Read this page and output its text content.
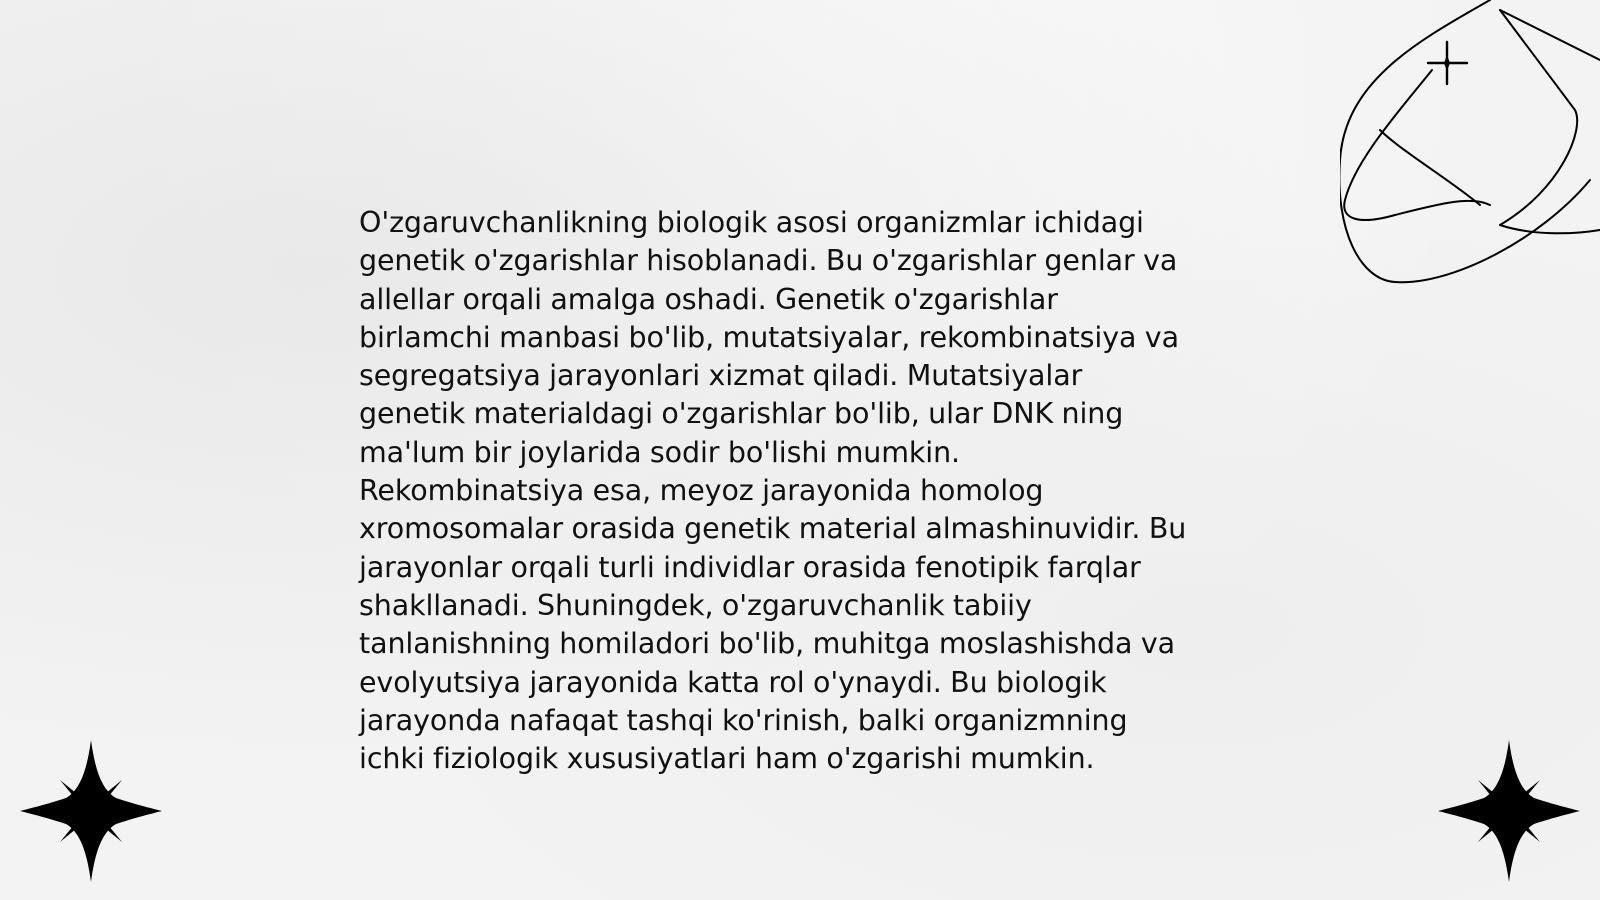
O'zgaruvchanlikning biologik asosi organizmlar ichidagi
genetik o'zgarishlar hisoblanadi. Bu o'zgarishlar genlar va
allellar orqali amalga oshadi. Genetik o'zgarishlar
birlamchi manbasi bo'lib, mutatsiyalar, rekombinatsiya va
segregatsiya jarayonlari xizmat qiladi. Mutatsiyalar
genetik materialdagi o'zgarishlar bo'lib, ular DNK ning
ma'lum bir joylarida sodir bo'lishi mumkin.
Rekombinatsiya esa, meyoz jarayonida homolog
xromosomalar orasida genetik material almashinuvidir. Bu
jarayonlar orqali turli individlar orasida fenotipik farqlar
shakllanadi. Shuningdek, o'zgaruvchanlik tabiiy
tanlanishning homiladori bo'lib, muhitga moslashishda va
evolyutsiya jarayonida katta rol o'ynaydi. Bu biologik
jarayonda nafaqat tashqi ko'rinish, balki organizmning
ichki fiziologik xususiyatlari ham o'zgarishi mumkin.
